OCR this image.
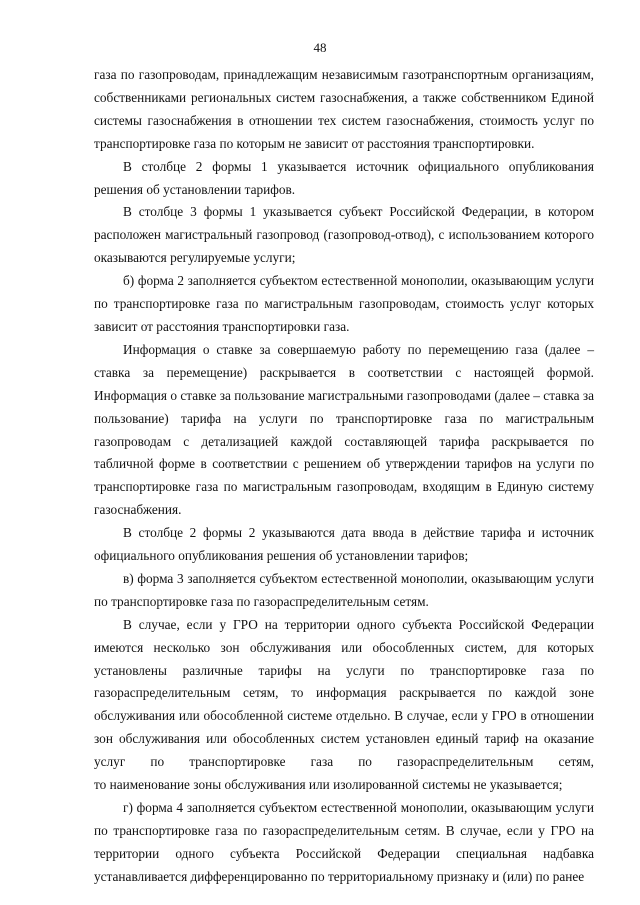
48

газа по газопроводам, принадлежащим независимым газотранспортным организациям, собственниками региональных систем газоснабжения, а также собственником Единой системы газоснабжения в отношении тех систем газоснабжения, стоимость услуг по транспортировке газа по которым не зависит от расстояния транспортировки.

В столбце 2 формы 1 указывается источник официального опубликования решения об установлении тарифов.

В столбце 3 формы 1 указывается субъект Российской Федерации, в котором расположен магистральный газопровод (газопровод-отвод), с использованием которого оказываются регулируемые услуги;

б) форма 2 заполняется субъектом естественной монополии, оказывающим услуги по транспортировке газа по магистральным газопроводам, стоимость услуг которых зависит от расстояния транспортировки газа.

Информация о ставке за совершаемую работу по перемещению газа (далее – ставка за перемещение) раскрывается в соответствии с настоящей формой. Информация о ставке за пользование магистральными газопроводами (далее – ставка за пользование) тарифа на услуги по транспортировке газа по магистральным газопроводам с детализацией каждой составляющей тарифа раскрывается по табличной форме в соответствии с решением об утверждении тарифов на услуги по транспортировке газа по магистральным газопроводам, входящим в Единую систему газоснабжения.

В столбце 2 формы 2 указываются дата ввода в действие тарифа и источник официального опубликования решения об установлении тарифов;

в) форма 3 заполняется субъектом естественной монополии, оказывающим услуги по транспортировке газа по газораспределительным сетям.

В случае, если у ГРО на территории одного субъекта Российской Федерации имеются несколько зон обслуживания или обособленных систем, для которых установлены различные тарифы на услуги по транспортировке газа по газораспределительным сетям, то информация раскрывается по каждой зоне обслуживания или обособленной системе отдельно. В случае, если у ГРО в отношении зон обслуживания или обособленных систем установлен единый тариф на оказание услуг по транспортировке газа по газораспределительным сетям,

то наименование зоны обслуживания или изолированной системы не указывается;

г) форма 4 заполняется субъектом естественной монополии, оказывающим услуги по транспортировке газа по газораспределительным сетям. В случае, если у ГРО на территории одного субъекта Российской Федерации специальная надбавка устанавливается дифференцированно по территориальному признаку и (или) по ранее
